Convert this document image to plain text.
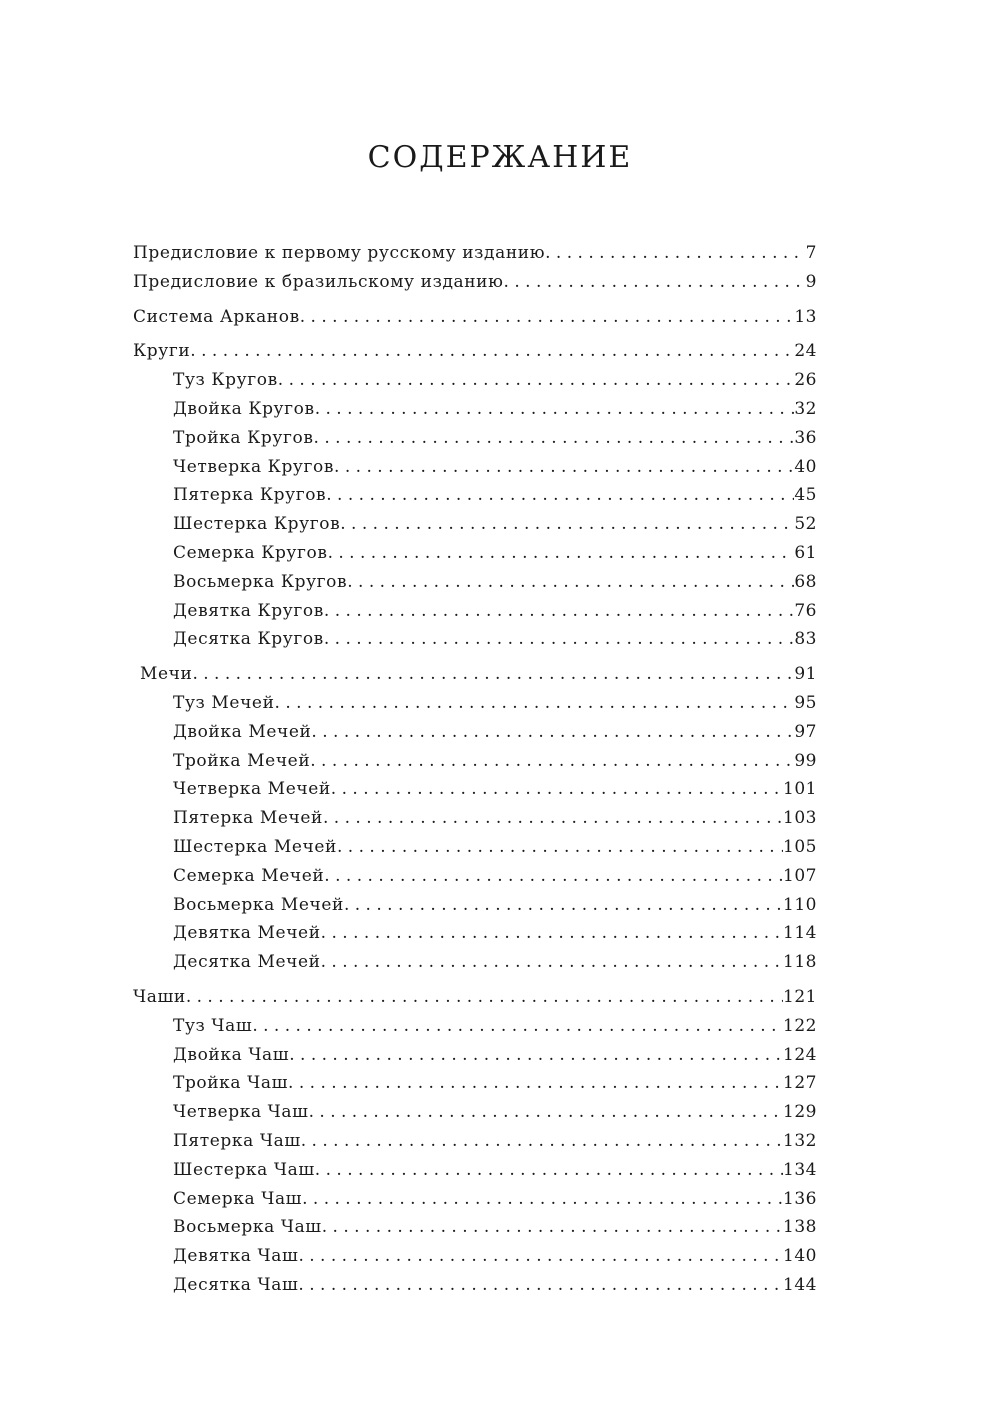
СОДЕРЖАНИЕ
Предисловие к первому русскому изданию . . .	7
Предисловие к бразильскому изданию . . .	9
Система Арканов . . .	13
Круги . . .	24
Туз Кругов . . .	26
Двойка Кругов . . .	32
Тройка Кругов . . .	36
Четверка Кругов . . .	40
Пятерка Кругов . . .	45
Шестерка Кругов . . .	52
Семерка Кругов . . .	61
Восьмерка Кругов . . .	68
Девятка Кругов . . .	76
Десятка Кругов . . .	83
Мечи . . .	91
Туз Мечей . . .	95
Двойка Мечей . . .	97
Тройка Мечей . . .	99
Четверка Мечей . . .	101
Пятерка Мечей . . .	103
Шестерка Мечей . . .	105
Семерка Мечей . . .	107
Восьмерка Мечей . . .	110
Девятка Мечей . . .	114
Десятка Мечей . . .	118
Чаши . . .	121
Туз Чаш . . .	122
Двойка Чаш . . .	124
Тройка Чаш . . .	127
Четверка Чаш . . .	129
Пятерка Чаш . . .	132
Шестерка Чаш . . .	134
Семерка Чаш . . .	136
Восьмерка Чаш . . .	138
Девятка Чаш . . .	140
Десятка Чаш . . .	144
